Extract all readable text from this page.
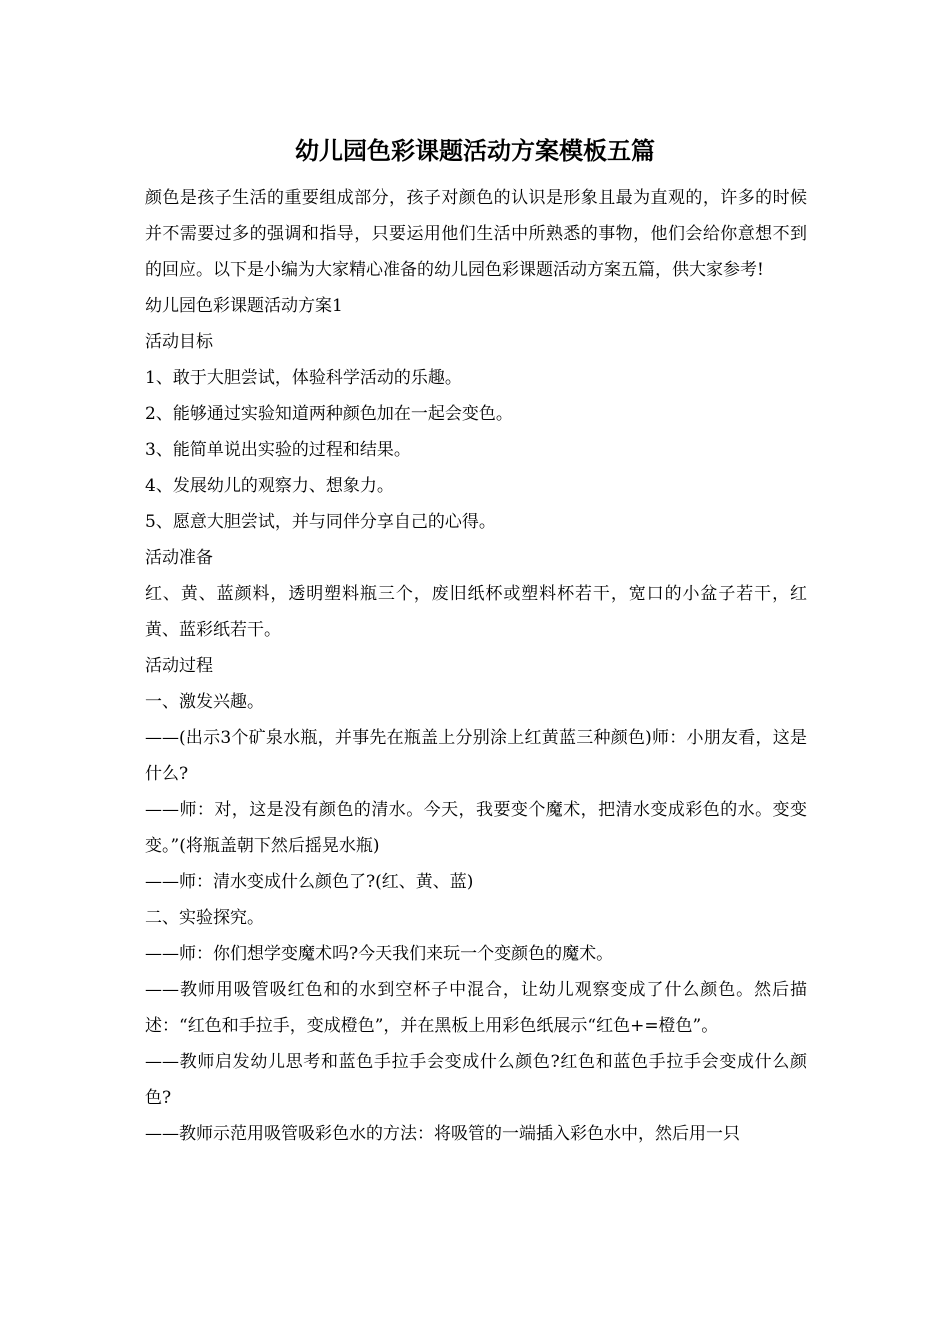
幼儿园色彩课题活动方案模板五篇

颜色是孩子生活的重要组成部分，孩子对颜色的认识是形象且最为直观的，许多的时候并不需要过多的强调和指导，只要运用他们生活中所熟悉的事物，他们会给你意想不到的回应。以下是小编为大家精心准备的幼儿园色彩课题活动方案五篇，供大家参考!

幼儿园色彩课题活动方案1

活动目标

1、敢于大胆尝试，体验科学活动的乐趣。

2、能够通过实验知道两种颜色加在一起会变色。

3、能简单说出实验的过程和结果。

4、发展幼儿的观察力、想象力。

5、愿意大胆尝试，并与同伴分享自己的心得。

活动准备

红、黄、蓝颜料，透明塑料瓶三个，废旧纸杯或塑料杯若干，宽口的小盆子若干，红黄、蓝彩纸若干。

活动过程

一、激发兴趣。

——(出示3个矿泉水瓶，并事先在瓶盖上分别涂上红黄蓝三种颜色)师：小朋友看，这是什么?

——师：对，这是没有颜色的清水。今天，我要变个魔术，把清水变成彩色的水。变变变。”(将瓶盖朝下然后摇晃水瓶)

——师：清水变成什么颜色了?(红、黄、蓝)

二、实验探究。

——师：你们想学变魔术吗?今天我们来玩一个变颜色的魔术。

——教师用吸管吸红色和的水到空杯子中混合，让幼儿观察变成了什么颜色。然后描述：“红色和手拉手，变成橙色”，并在黑板上用彩色纸展示“红色+=橙色”。

——教师启发幼儿思考和蓝色手拉手会变成什么颜色?红色和蓝色手拉手会变成什么颜色?

——教师示范用吸管吸彩色水的方法：将吸管的一端插入彩色水中，然后用一只
